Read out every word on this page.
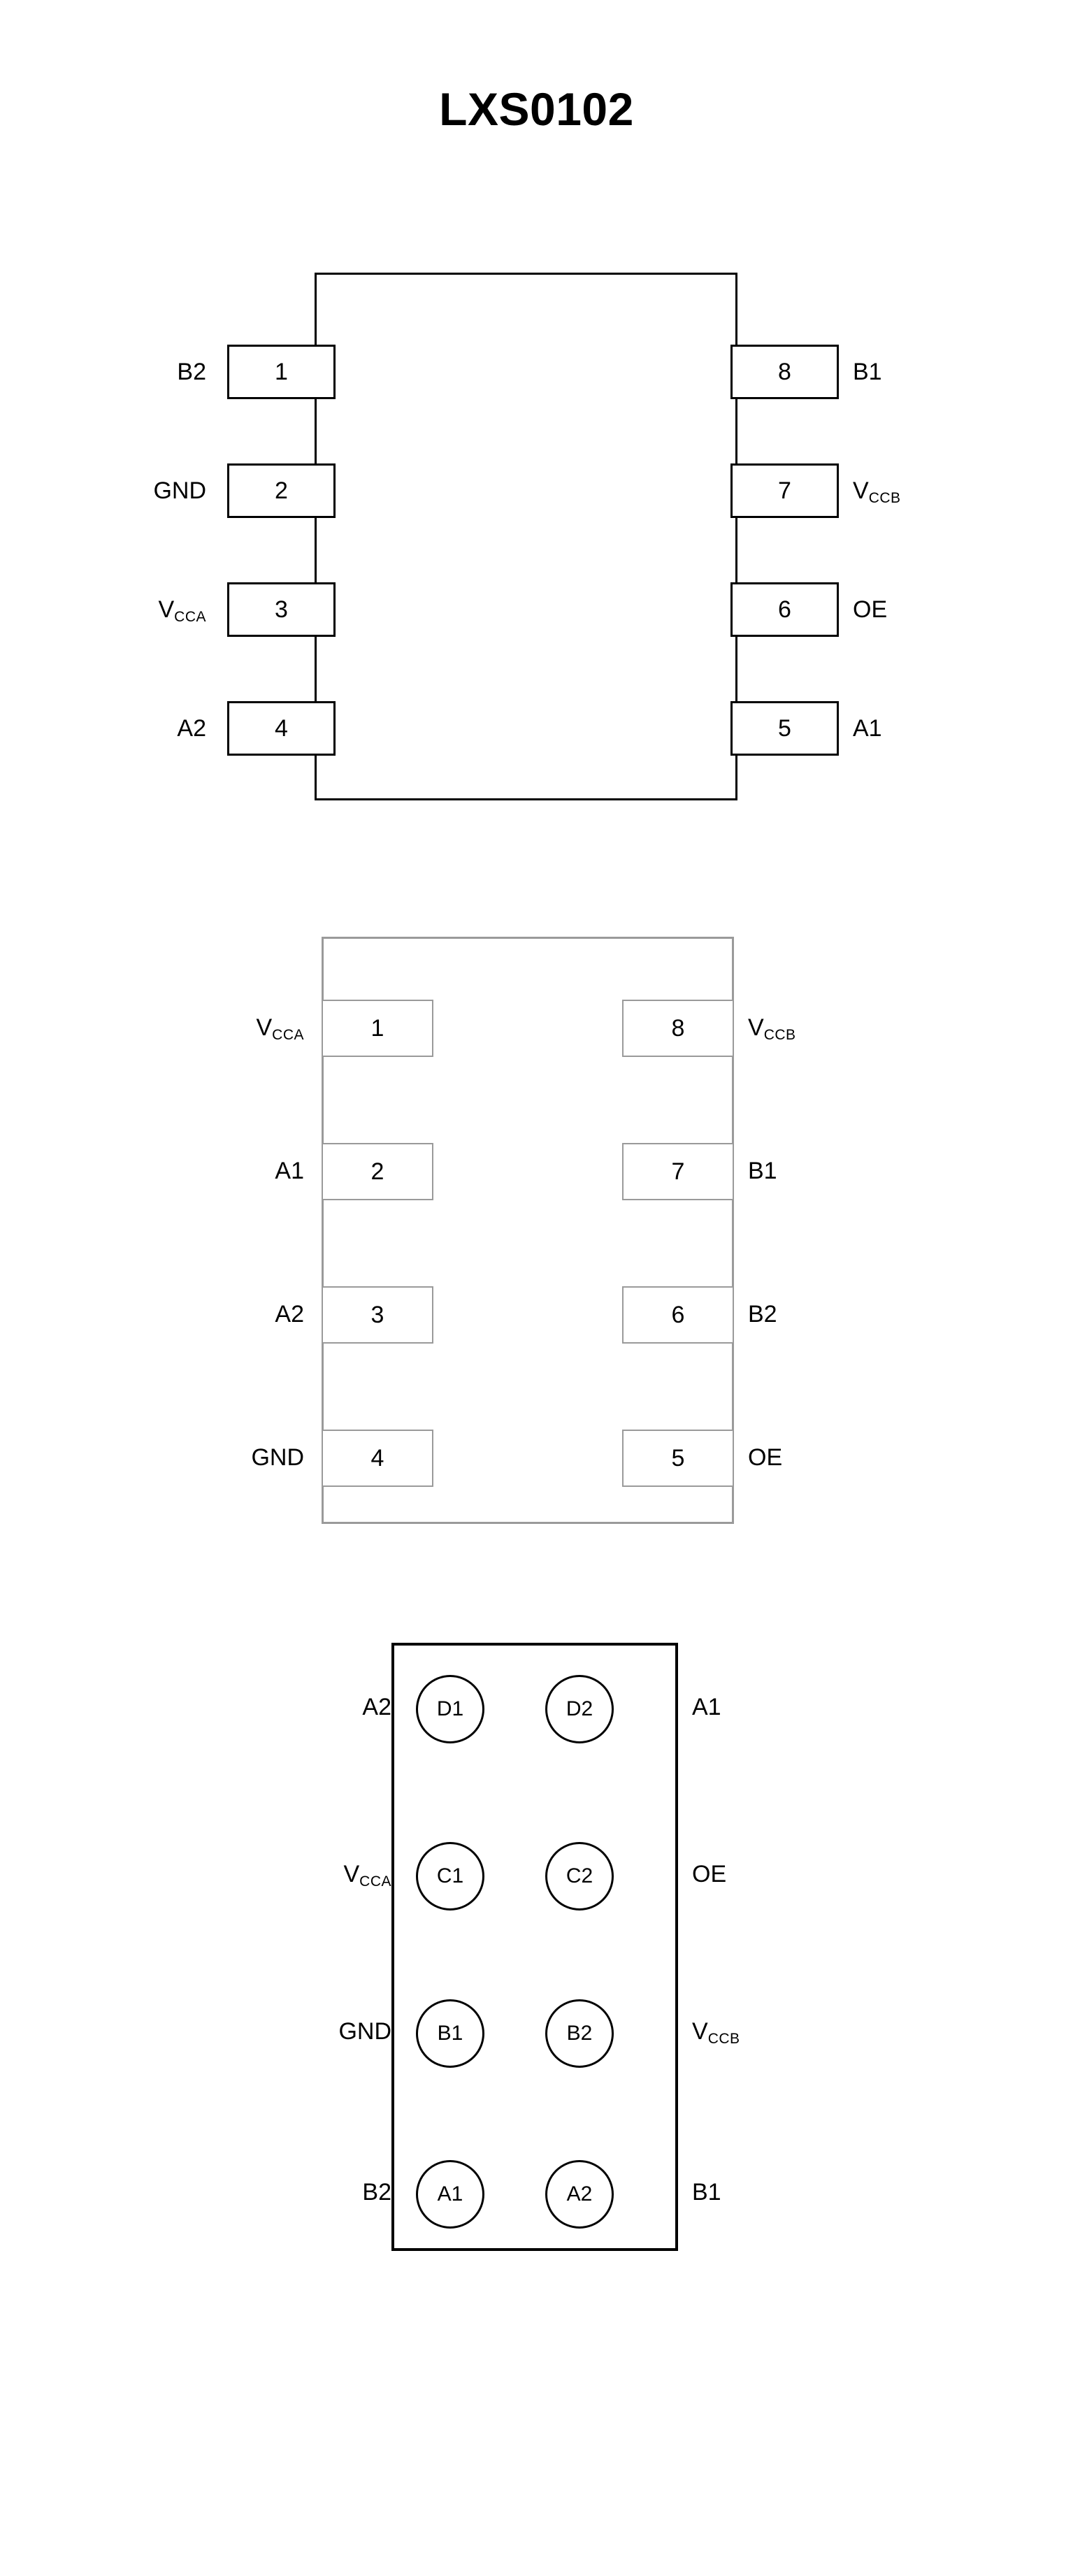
LXS0102
1
2
3
4
8
7
6
5
B2
GND
VCCA
A2
B1
VCCB
OE
A1
1
2
3
4
8
7
6
5
VCCA
A1
A2
GND
VCCB
B1
B2
OE
D1
C1
B1
A1
D2
C2
B2
A2
A2
VCCA
GND
B2
A1
OE
VCCB
B1
